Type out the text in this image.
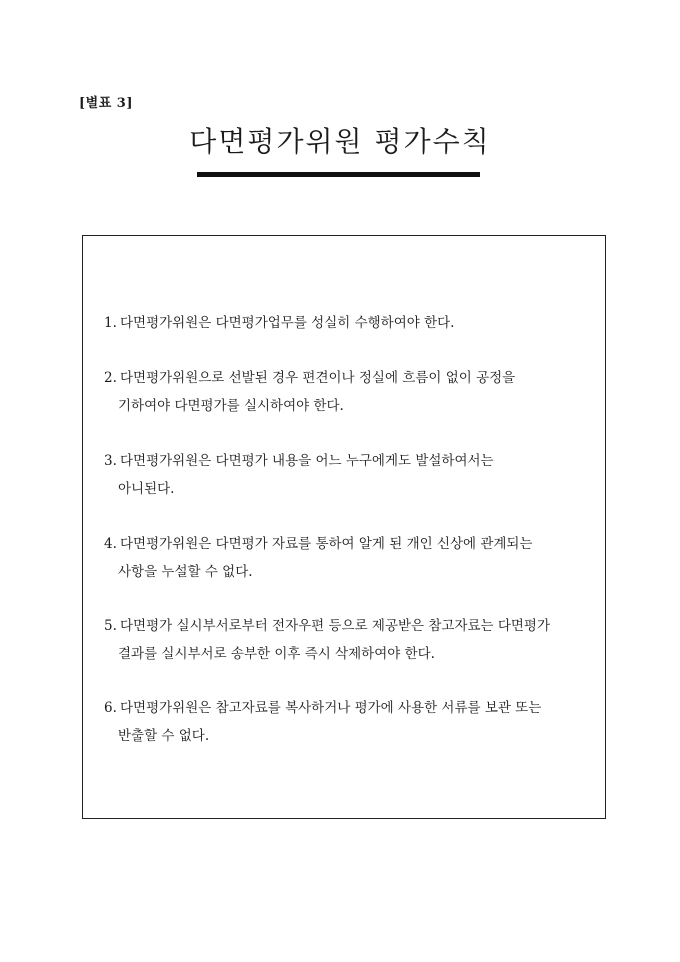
[별표 3]
다면평가위원 평가수칙
1. 다면평가위원은 다면평가업무를 성실히 수행하여야 한다.
2. 다면평가위원으로 선발된 경우 편견이나 정실에 흐름이 없이 공정을
기하여야 다면평가를 실시하여야 한다.
3. 다면평가위원은 다면평가 내용을 어느 누구에게도 발설하여서는
아니된다.
4. 다면평가위원은 다면평가 자료를 통하여 알게 된 개인 신상에 관계되는
사항을 누설할 수 없다.
5. 다면평가 실시부서로부터 전자우편 등으로 제공받은 참고자료는 다면평가
결과를 실시부서로 송부한 이후 즉시 삭제하여야 한다.
6. 다면평가위원은 참고자료를 복사하거나 평가에 사용한 서류를 보관 또는
반출할 수 없다.
